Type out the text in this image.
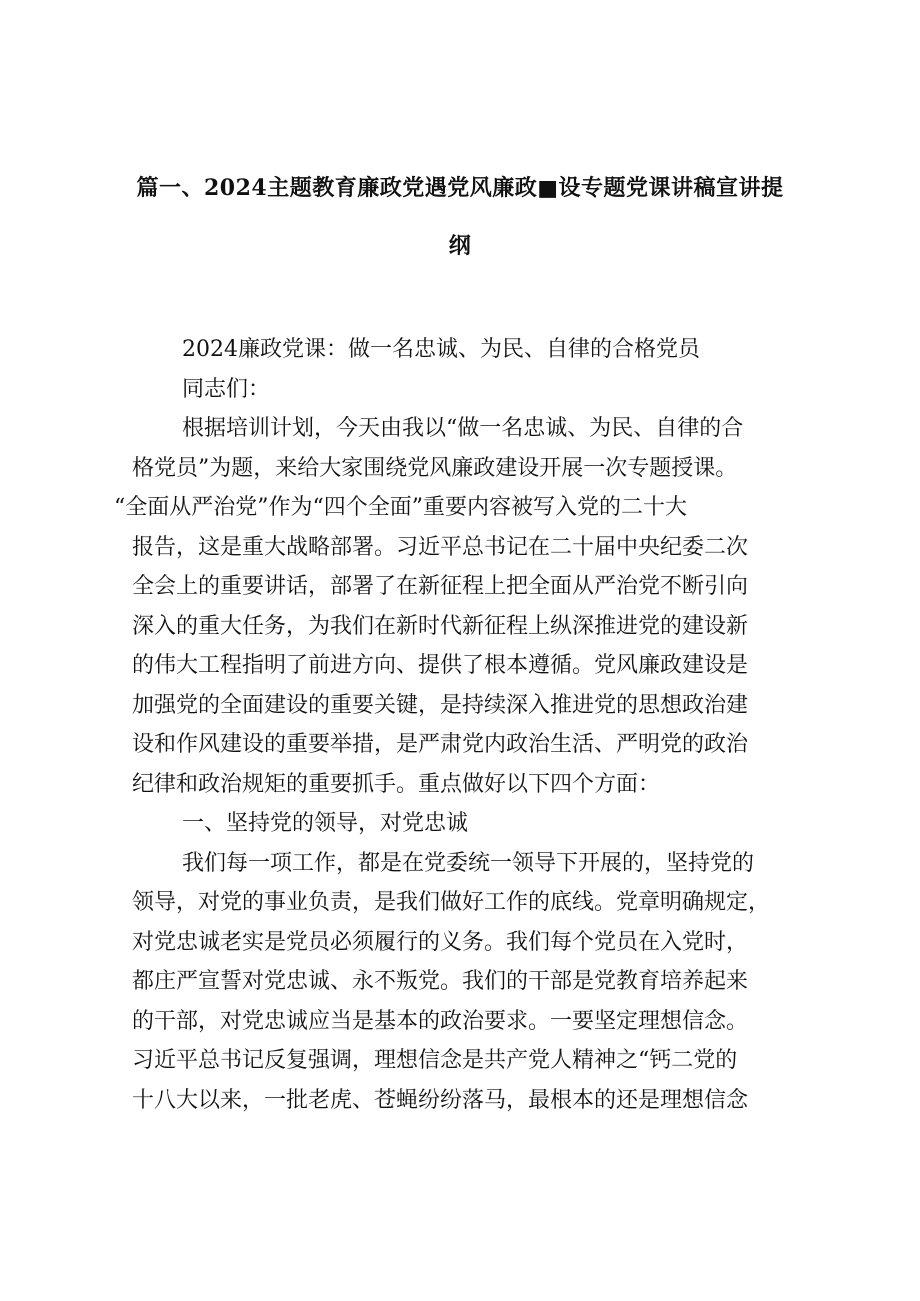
篇一、2024主题教育廉政党遇党风廉政■设专题党课讲稿宣讲提
纲
2024廉政党课：做一名忠诚、为民、自律的合格党员
同志们：
根据培训计划，今天由我以“做一名忠诚、为民、自律的合
格党员”为题，来给大家围绕党风廉政建设开展一次专题授课。
“全面从严治党”作为“四个全面”重要内容被写入党的二十大
报告，这是重大战略部署。习近平总书记在二十届中央纪委二次
全会上的重要讲话，部署了在新征程上把全面从严治党不断引向
深入的重大任务，为我们在新时代新征程上纵深推进党的建设新
的伟大工程指明了前进方向、提供了根本遵循。党风廉政建设是
加强党的全面建设的重要关键，是持续深入推进党的思想政治建
设和作风建设的重要举措，是严肃党内政治生活、严明党的政治
纪律和政治规矩的重要抓手。重点做好以下四个方面：
一、坚持党的领导，对党忠诚
我们每一项工作，都是在党委统一领导下开展的，坚持党的
领导，对党的事业负责，是我们做好工作的底线。党章明确规定，
对党忠诚老实是党员必须履行的义务。我们每个党员在入党时，
都庄严宣誓对党忠诚、永不叛党。我们的干部是党教育培养起来
的干部，对党忠诚应当是基本的政治要求。一要坚定理想信念。
习近平总书记反复强调，理想信念是共产党人精神之“钙二党的
十八大以来，一批老虎、苍蝇纷纷落马，最根本的还是理想信念
